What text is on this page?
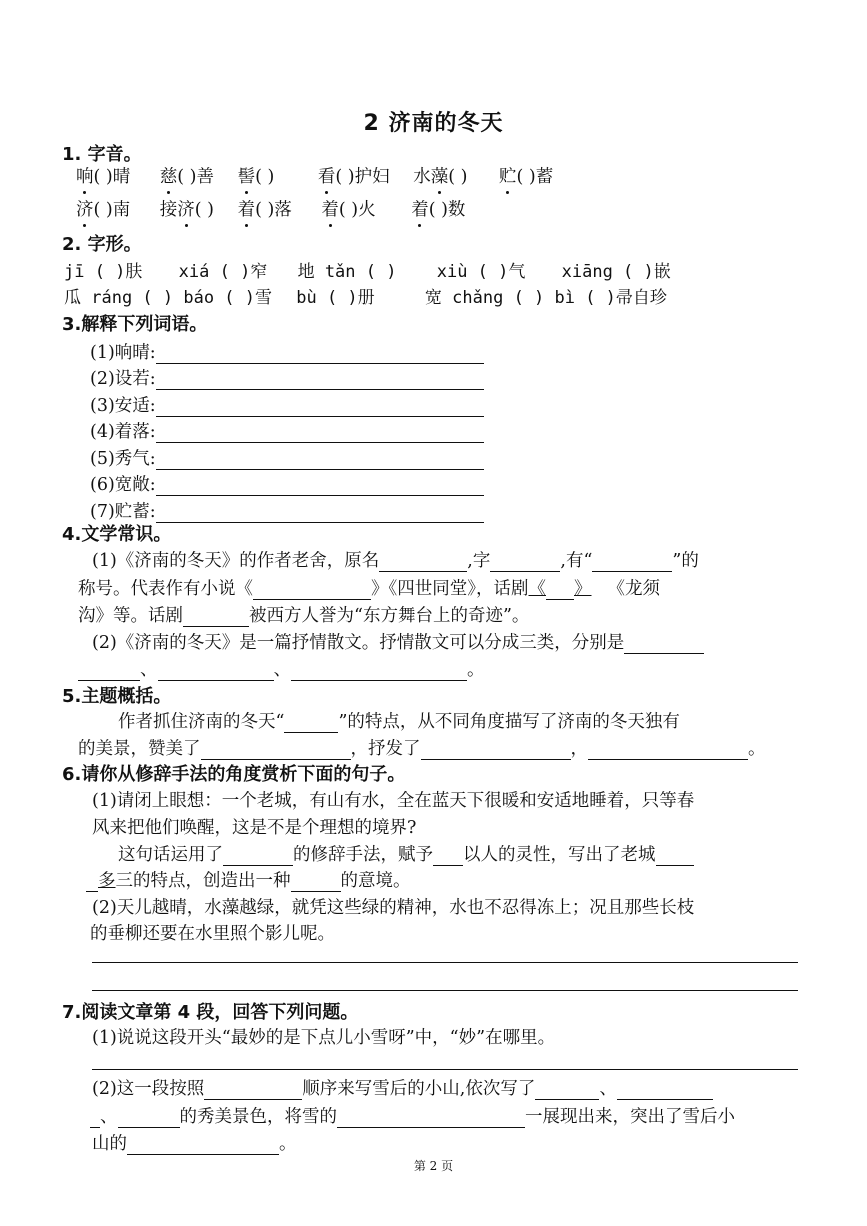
2 济南的冬天
1. 字音。
响( )晴 慈( )善 髻( ) 看( )护妇 水藻( ) 贮( )蓄
济( )南 接济( ) 着( )落 着( )火 着( )数
2. 字形。
jī ( )肤 xiá ( )窄 地 tǎn ( ) xiù ( )气 xiāng ( )嵌
瓜 ráng ( ) báo ( )雪 bù ( )册	宽 chǎng ( ) bì ( )帚自珍
3.解释下列词语。
(1)响晴:
(2)设若:
(3)安适:
(4)着落:
(5)秀气:
(6)宽敞:
(7)贮蓄:
4.文学常识。
(1)《济南的冬天》的作者老舍，原名	,字	,有“	”的
称号。代表作有小说《	》《四世同堂》，话剧 《 》 《龙须
沟》等。话剧	被西方人誉为“东方舞台上的奇迹”。
(2)《济南的冬天》是一篇抒情散文。抒情散文可以分成三类，分别是
、	、	。
5.主题概括。
作者抓住济南的冬天“	”的特点，从不同角度描写了济南的冬天独有
的美景，赞美了	，抒发了	，	。
6.请你从修辞手法的角度赏析下面的句子。
(1)请闭上眼想：一个老城，有山有水，全在蓝天下很暖和安适地睡着，只等春
风来把他们唤醒，这是不是个理想的境界?
这句话运用了	的修辞手法，赋予 以人的灵性，写出了老城
多 三 的特点，创造出一种	的意境。
(2)天儿越晴，水藻越绿，就凭这些绿的精神，水也不忍得冻上；况且那些长枝
的垂柳还要在水里照个影儿呢。
7.阅读文章第 4 段，回答下列问题。
(1)说说这段开头“最妙的是下点儿小雪呀”中，“妙”在哪里。
(2)这一段按照	顺序来写雪后的小山,依次写了	、
、	的秀美景色，将雪的	一展现出来，突出了雪后小
山的	。
第 2 页
